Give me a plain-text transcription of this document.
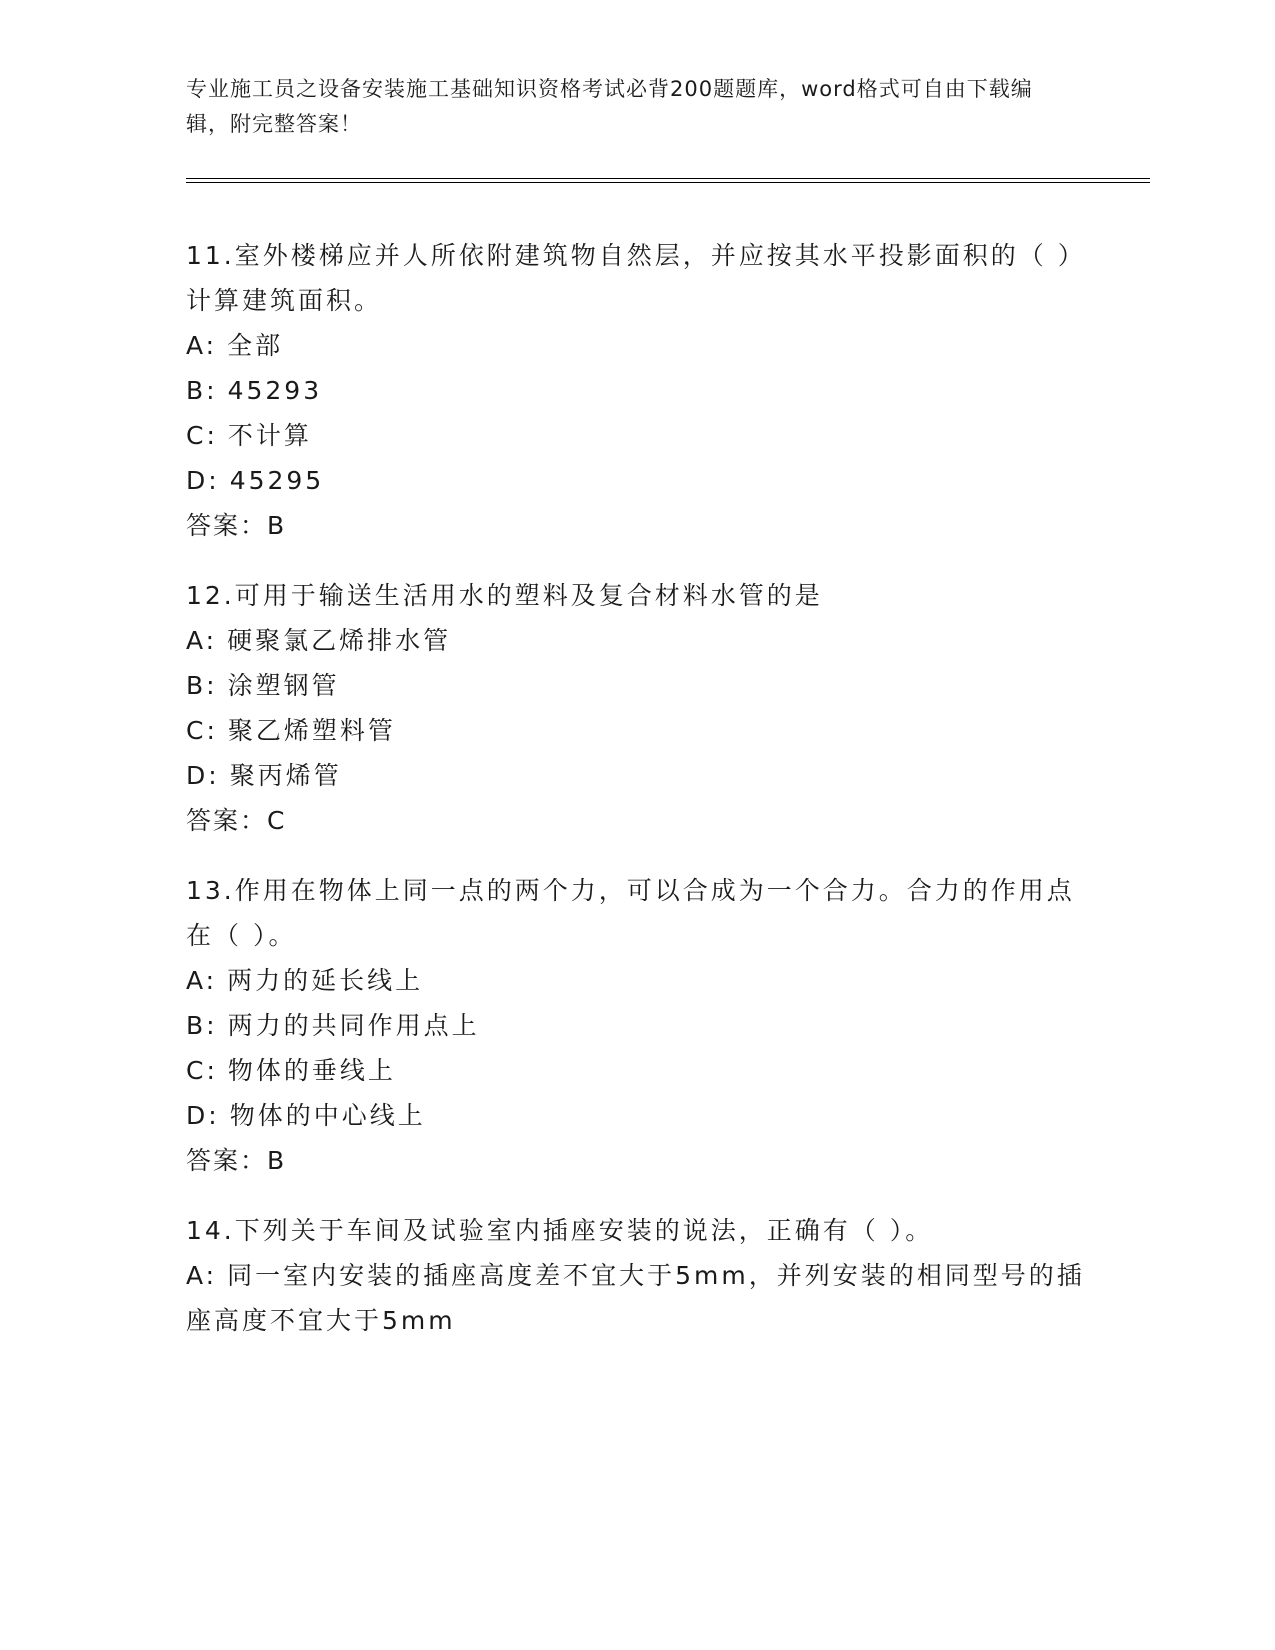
专业施工员之设备安装施工基础知识资格考试必背200题题库，word格式可自由下载编辑，附完整答案！
11.室外楼梯应并人所依附建筑物自然层，并应按其水平投影面积的（ ）计算建筑面积。
A: 全部
B: 45293
C: 不计算
D: 45295
答案：B
12.可用于输送生活用水的塑料及复合材料水管的是
A: 硬聚氯乙烯排水管
B: 涂塑钢管
C: 聚乙烯塑料管
D: 聚丙烯管
答案：C
13.作用在物体上同一点的两个力，可以合成为一个合力。合力的作用点在（ ）。
A: 两力的延长线上
B: 两力的共同作用点上
C: 物体的垂线上
D: 物体的中心线上
答案：B
14.下列关于车间及试验室内插座安装的说法，正确有（ ）。
A: 同一室内安装的插座高度差不宜大于5mm，并列安装的相同型号的插座高度不宜大于5mm
